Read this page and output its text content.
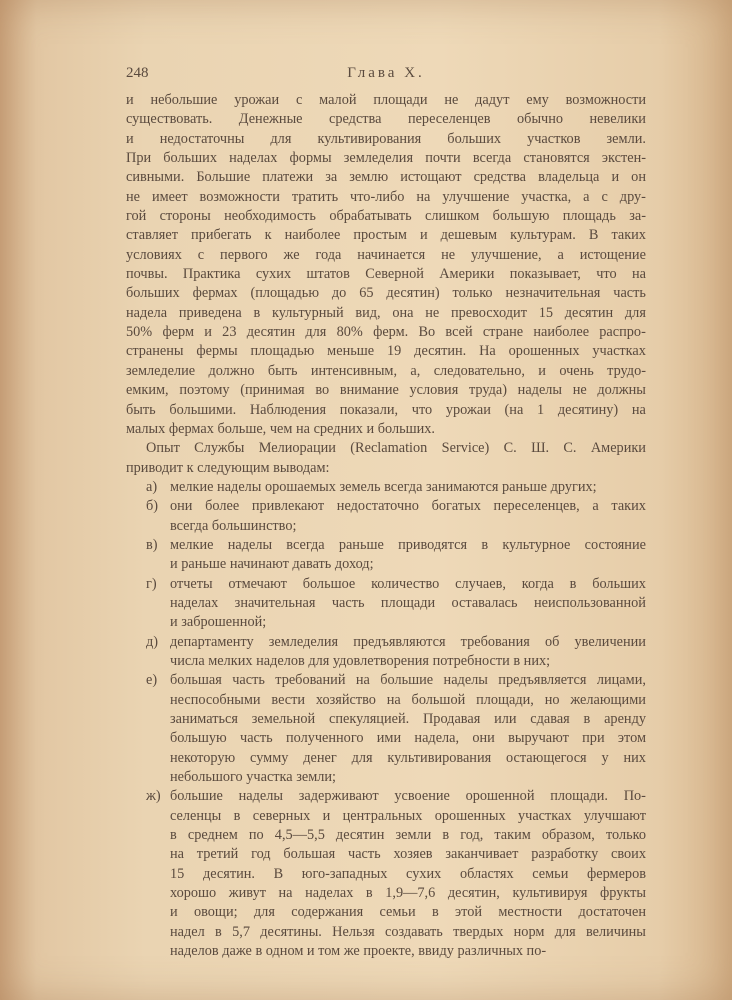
248	Глава X.
и небольшие урожаи с малой площади не дадут ему возможности
существовать. Денежные средства переселенцев обычно невелики
и недостаточны для культивирования больших участков земли.
При больших наделах формы земледелия почти всегда становятся экстен-
сивными. Большие платежи за землю истощают средства владельца и он
не имеет возможности тратить что-либо на улучшение участка, а с дру-
гой стороны необходимость обрабатывать слишком большую площадь за-
ставляет прибегать к наиболее простым и дешевым культурам. В таких
условиях с первого же года начинается не улучшение, а истощение
почвы. Практика сухих штатов Северной Америки показывает, что на
больших фермах (площадью до 65 десятин) только незначительная часть
надела приведена в культурный вид, она не превосходит 15 десятин для
50% ферм и 23 десятин для 80% ферм. Во всей стране наиболее распро-
странены фермы площадью меньше 19 десятин. На орошенных участках
земледелие должно быть интенсивным, а, следовательно, и очень трудо-
емким, поэтому (принимая во внимание условия труда) наделы не должны
быть большими. Наблюдения показали, что урожаи (на 1 десятину) на
малых фермах больше, чем на средних и больших.
Опыт Службы Мелиорации (Reclamation Service) С. Ш. С. Америки
приводит к следующим выводам:
а) мелкие наделы орошаемых земель всегда занимаются раньше других;
б) они более привлекают недостаточно богатых переселенцев, а таких
всегда большинство;
в) мелкие наделы всегда раньше приводятся в культурное состояние
и раньше начинают давать доход;
г) отчеты отмечают большое количество случаев, когда в больших
наделах значительная часть площади оставалась неиспользованной
и заброшенной;
д) департаменту земледелия предъявляются требования об увеличении
числа мелких наделов для удовлетворения потребности в них;
е) большая часть требований на большие наделы предъявляется лицами,
неспособными вести хозяйство на большой площади, но желающими
заниматься земельной спекуляцией. Продавая или сдавая в аренду
большую часть полученного ими надела, они выручают при этом
некоторую сумму денег для культивирования остающегося у них
небольшого участка земли;
ж) большие наделы задерживают усвоение орошенной площади. По-
селенцы в северных и центральных орошенных участках улучшают
в среднем по 4,5—5,5 десятин земли в год, таким образом, только
на третий год большая часть хозяев заканчивает разработку своих
15 десятин. В юго-западных сухих областях семьи фермеров
хорошо живут на наделах в 1,9—7,6 десятин, культивируя фрукты
и овощи; для содержания семьи в этой местности достаточен
надел в 5,7 десятины. Нельзя создавать твердых норм для величины
наделов даже в одном и том же проекте, ввиду различных по-
